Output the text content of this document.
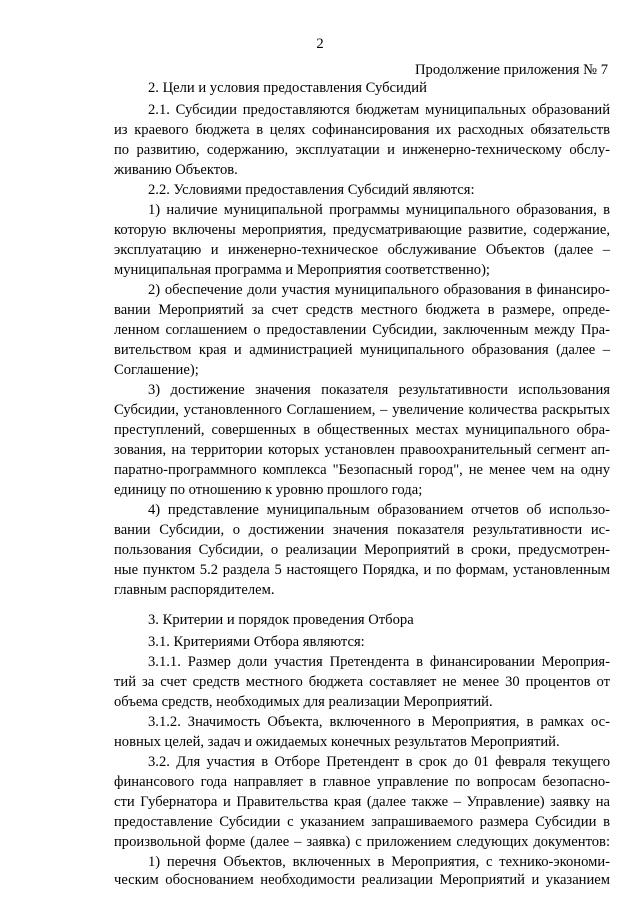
2
Продолжение приложения № 7
2. Цели и условия предоставления Субсидий
2.1. Субсидии предоставляются бюджетам муниципальных образований
из краевого бюджета в целях софинансирования их расходных обязательств
по развитию, содержанию, эксплуатации и инженерно-техническому обслу-
живанию Объектов.
2.2. Условиями предоставления Субсидий являются:
1) наличие муниципальной программы муниципального образования, в
которую включены мероприятия, предусматривающие развитие, содержание,
эксплуатацию и инженерно-техническое обслуживание Объектов (далее –
муниципальная программа и Мероприятия соответственно);
2) обеспечение доли участия муниципального образования в финансиро-
вании Мероприятий за счет средств местного бюджета в размере, опреде-
ленном соглашением о предоставлении Субсидии, заключенным между Пра-
вительством края и администрацией муниципального образования (далее –
Соглашение);
3) достижение значения показателя результативности использования
Субсидии, установленного Соглашением, – увеличение количества раскрытых
преступлений, совершенных в общественных местах муниципального обра-
зования, на территории которых установлен правоохранительный сегмент ап-
паратно-программного комплекса "Безопасный город", не менее чем на одну
единицу по отношению к уровню прошлого года;
4) представление муниципальным образованием отчетов об использо-
вании Субсидии, о достижении значения показателя результативности ис-
пользования Субсидии, о реализации Мероприятий в сроки, предусмотрен-
ные пунктом 5.2 раздела 5 настоящего Порядка, и по формам, установленным
главным распорядителем.
3. Критерии и порядок проведения Отбора
3.1. Критериями Отбора являются:
3.1.1. Размер доли участия Претендента в финансировании Мероприя-
тий за счет средств местного бюджета составляет не менее 30 процентов от
объема средств, необходимых для реализации Мероприятий.
3.1.2. Значимость Объекта, включенного в Мероприятия, в рамках ос-
новных целей, задач и ожидаемых конечных результатов Мероприятий.
3.2. Для участия в Отборе Претендент в срок до 01 февраля текущего
финансового года направляет в главное управление по вопросам безопасно-
сти Губернатора и Правительства края (далее также – Управление) заявку на
предоставление Субсидии с указанием запрашиваемого размера Субсидии в
произвольной форме (далее – заявка) с приложением следующих документов:
1) перечня Объектов, включенных в Мероприятия, с технико-экономи-
ческим обоснованием необходимости реализации Мероприятий и указанием
